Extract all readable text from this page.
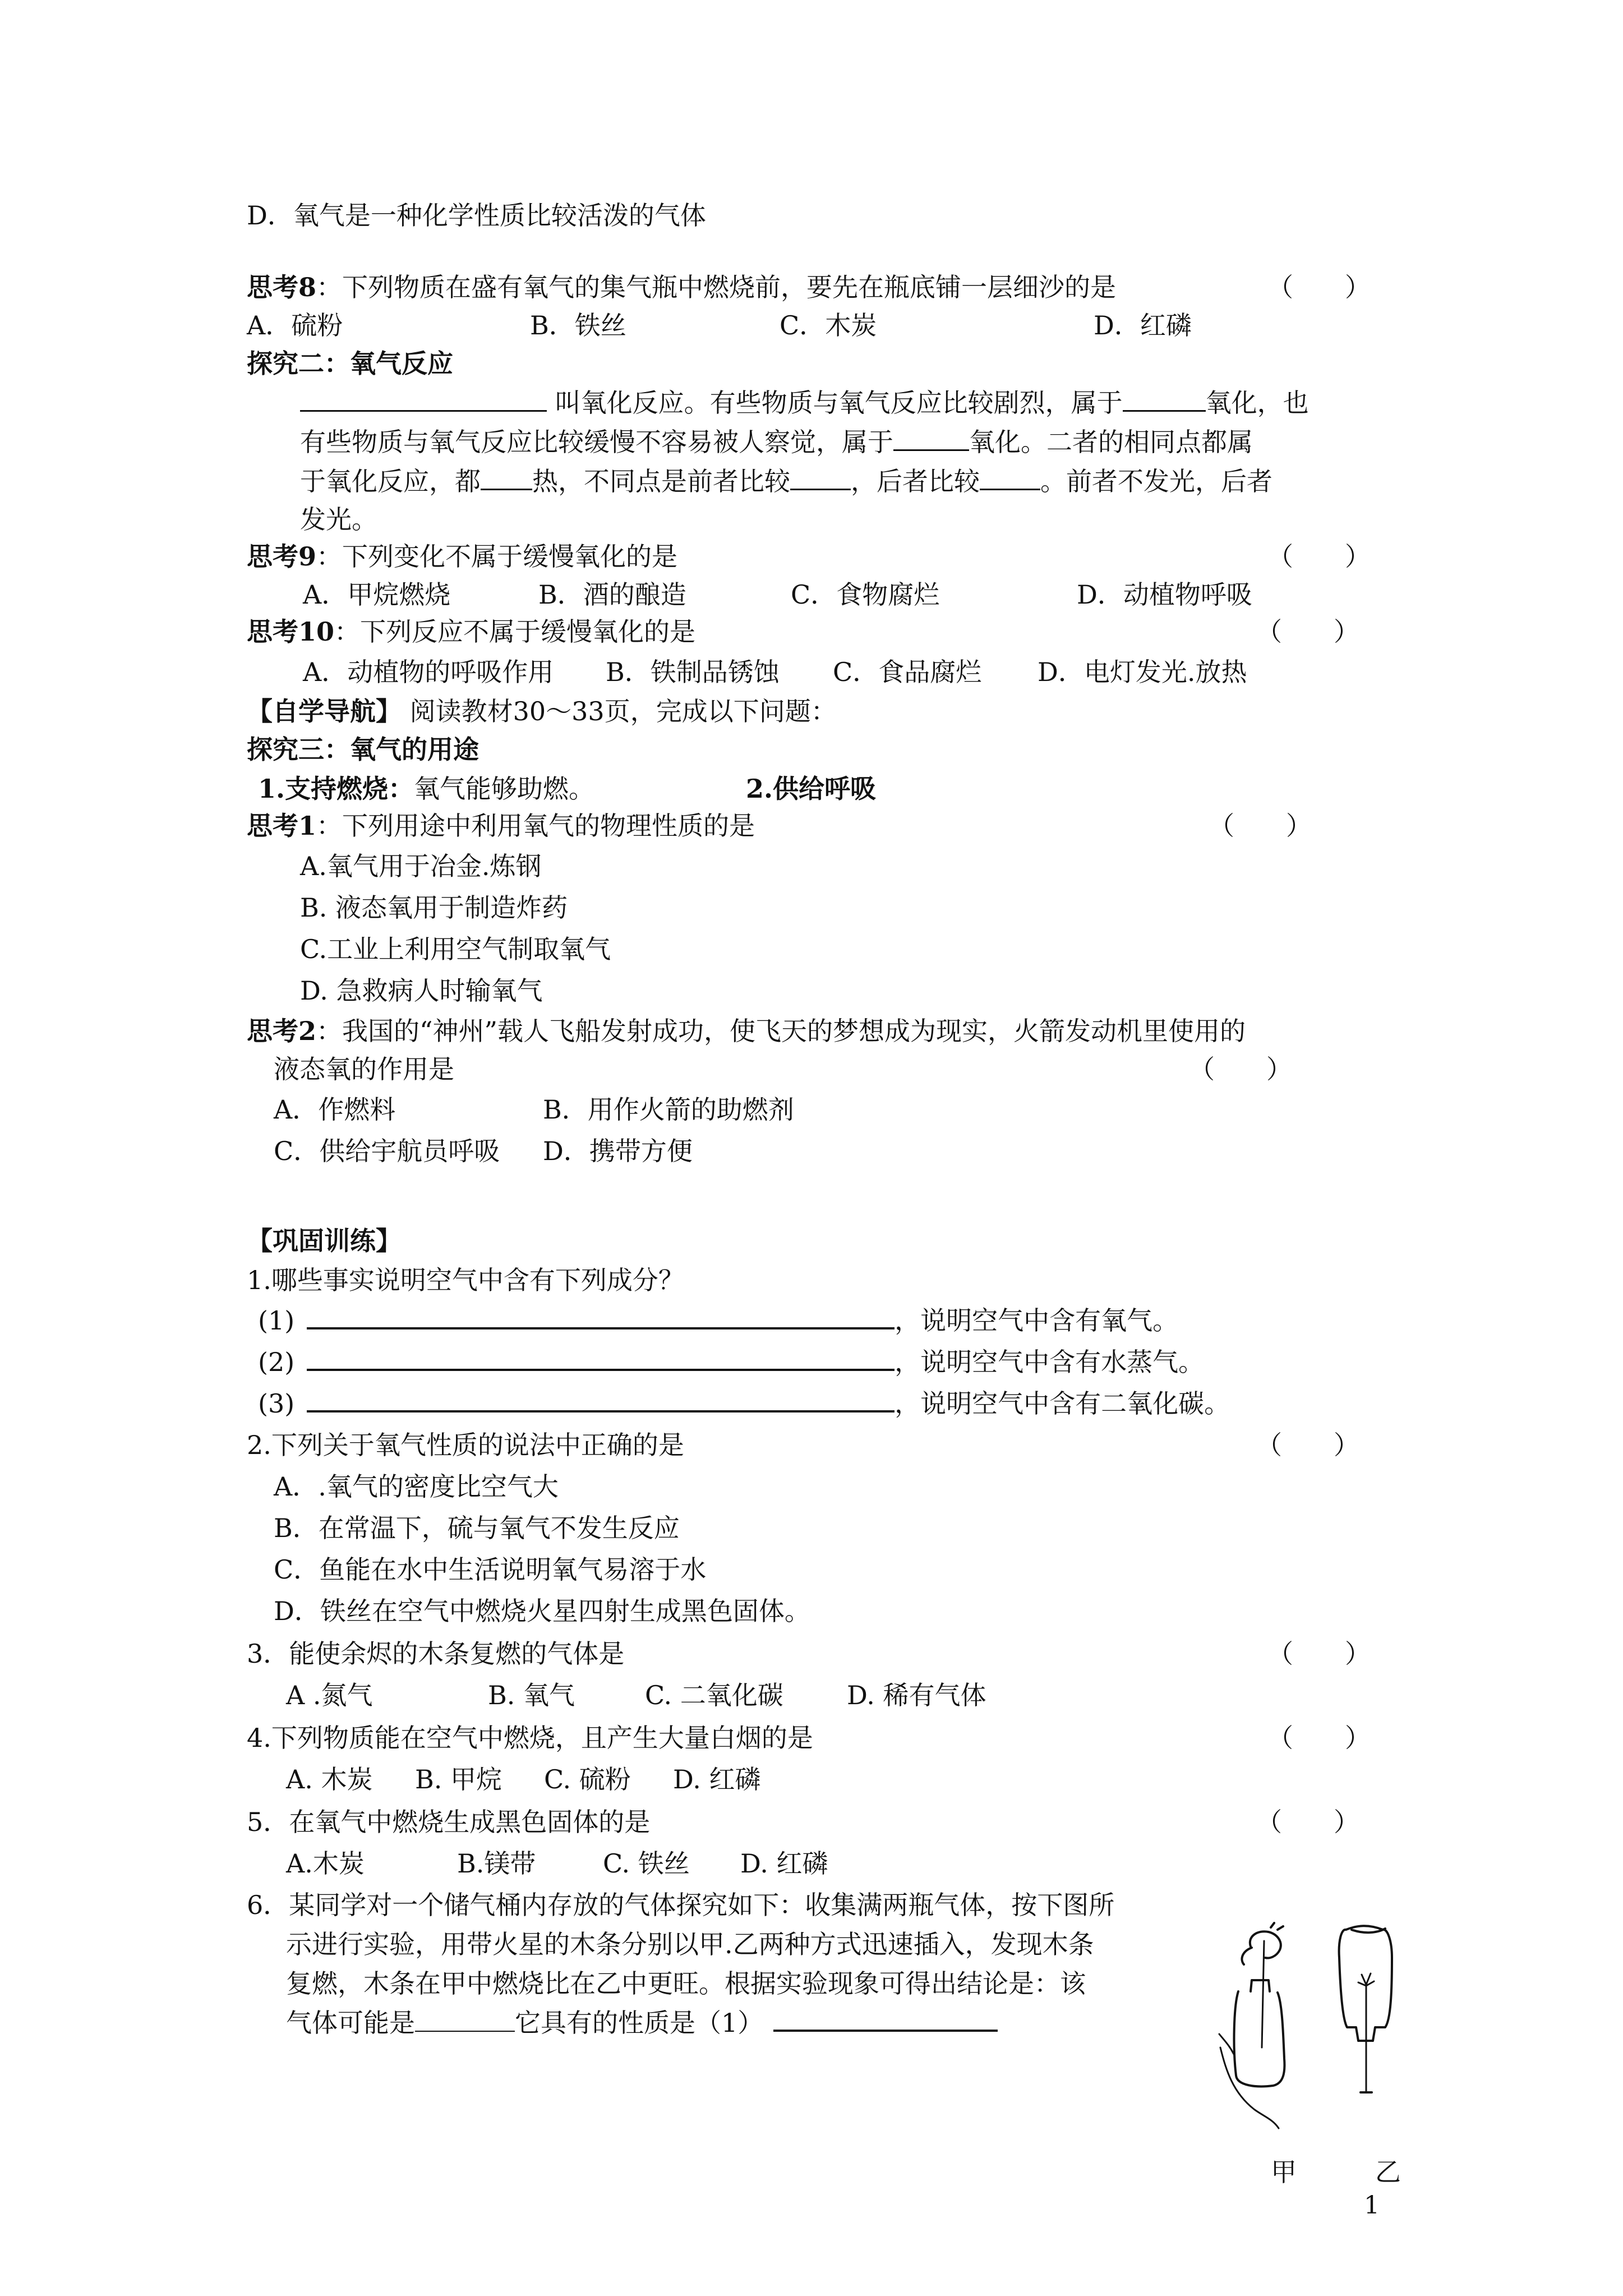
D．氧气是一种化学性质比较活泼的气体
思考8：下列物质在盛有氧气的集气瓶中燃烧前，要先在瓶底铺一层细沙的是	（　　）
A．硫粉	B．铁丝	C．木炭	D．红磷
探究二：氧气反应
叫氧化反应。有些物质与氧气反应比较剧烈，属于	氧化，也
有些物质与氧气反应比较缓慢不容易被人察觉，属于	氧化。二者的相同点都属
于氧化反应，都 热，不同点是前者比较 ，后者比较 。前者不发光，后者
发光。
思考9：下列变化不属于缓慢氧化的是	（　　）
A．甲烷燃烧	B．酒的酿造	C．食物腐烂	D．动植物呼吸
思考10：下列反应不属于缓慢氧化的是	（　　）
A．动植物的呼吸作用 B．铁制品锈蚀 C．食品腐烂 D．电灯发光.放热
【自学导航】 阅读教材30～33页，完成以下问题：
探究三：氧气的用途
1.支持燃烧：氧气能够助燃。	2.供给呼吸
思考1：下列用途中利用氧气的物理性质的是	（　　）
A.氧气用于冶金.炼钢
B. 液态氧用于制造炸药
C.工业上利用空气制取氧气
D. 急救病人时输氧气
思考2：我国的“神州”载人飞船发射成功，使飞天的梦想成为现实，火箭发动机里使用的
液态氧的作用是	（　　）
A．作燃料	B．用作火箭的助燃剂
C．供给宇航员呼吸 D．携带方便
【巩固训练】
1.哪些事实说明空气中含有下列成分？
(1)	，说明空气中含有氧气。
(2)	，说明空气中含有水蒸气。
(3)	，说明空气中含有二氧化碳。
2.下列关于氧气性质的说法中正确的是	（　　）
A．.氧气的密度比空气大
B．在常温下，硫与氧气不发生反应
C．鱼能在水中生活说明氧气易溶于水
D．铁丝在空气中燃烧火星四射生成黑色固体。
3．能使余烬的木条复燃的气体是	（　　）
A .氮气	B. 氧气	C. 二氧化碳 D. 稀有气体
4.下列物质能在空气中燃烧，且产生大量白烟的是	（　　）
A. 木炭 B. 甲烷 C. 硫粉 D. 红磷
5．在氧气中燃烧生成黑色固体的是	（　　）
A.木炭	B.镁带	C. 铁丝 D. 红磷
6．某同学对一个储气桶内存放的气体探究如下：收集满两瓶气体，按下图所
示进行实验，用带火星的木条分别以甲.乙两种方式迅速插入，发现木条
复燃，木条在甲中燃烧比在乙中更旺。根据实验现象可得出结论是：该
气体可能是	它具有的性质是（1）
甲	乙
1
